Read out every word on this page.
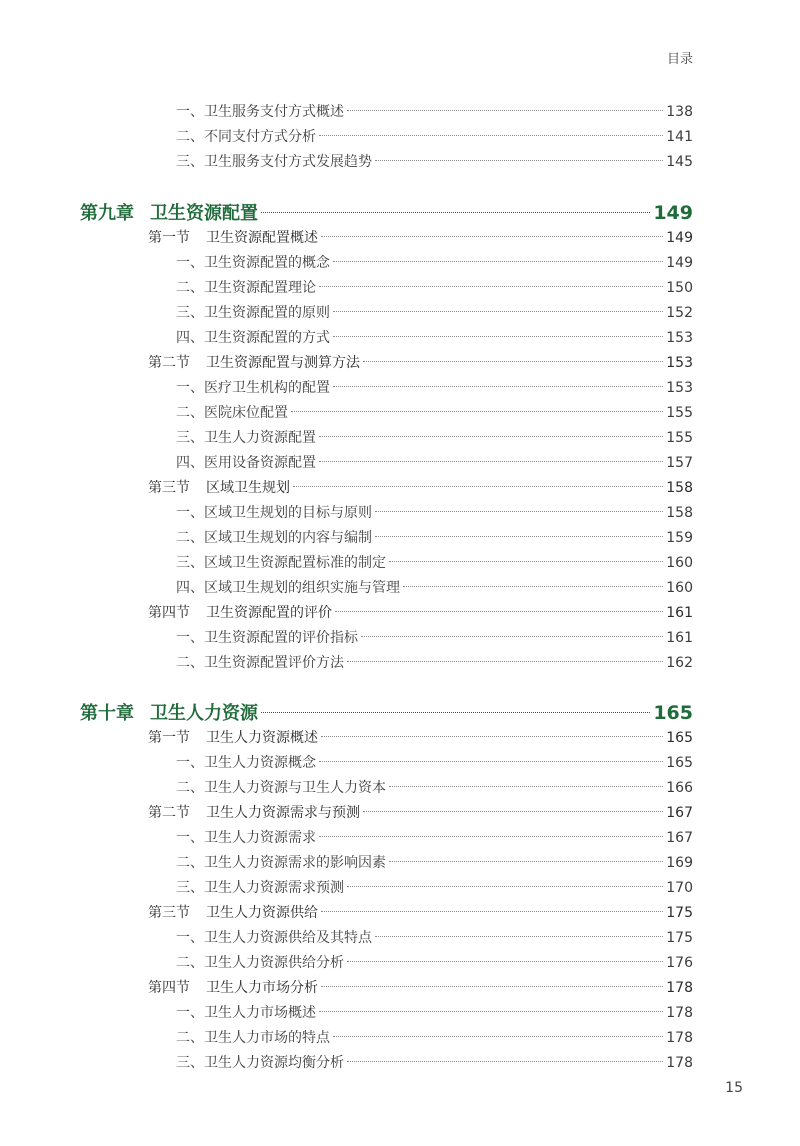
目录
一、卫生服务支付方式概述	138
二、不同支付方式分析	141
三、卫生服务支付方式发展趋势	145
第九章 卫生资源配置	149
第一节 卫生资源配置概述	149
一、卫生资源配置的概念	149
二、卫生资源配置理论	150
三、卫生资源配置的原则	152
四、卫生资源配置的方式	153
第二节 卫生资源配置与测算方法	153
一、医疗卫生机构的配置	153
二、医院床位配置	155
三、卫生人力资源配置	155
四、医用设备资源配置	157
第三节 区域卫生规划	158
一、区域卫生规划的目标与原则	158
二、区域卫生规划的内容与编制	159
三、区域卫生资源配置标准的制定	160
四、区域卫生规划的组织实施与管理	160
第四节 卫生资源配置的评价	161
一、卫生资源配置的评价指标	161
二、卫生资源配置评价方法	162
第十章 卫生人力资源	165
第一节 卫生人力资源概述	165
一、卫生人力资源概念	165
二、卫生人力资源与卫生人力资本	166
第二节 卫生人力资源需求与预测	167
一、卫生人力资源需求	167
二、卫生人力资源需求的影响因素	169
三、卫生人力资源需求预测	170
第三节 卫生人力资源供给	175
一、卫生人力资源供给及其特点	175
二、卫生人力资源供给分析	176
第四节 卫生人力市场分析	178
一、卫生人力市场概述	178
二、卫生人力市场的特点	178
三、卫生人力资源均衡分析	178
15
